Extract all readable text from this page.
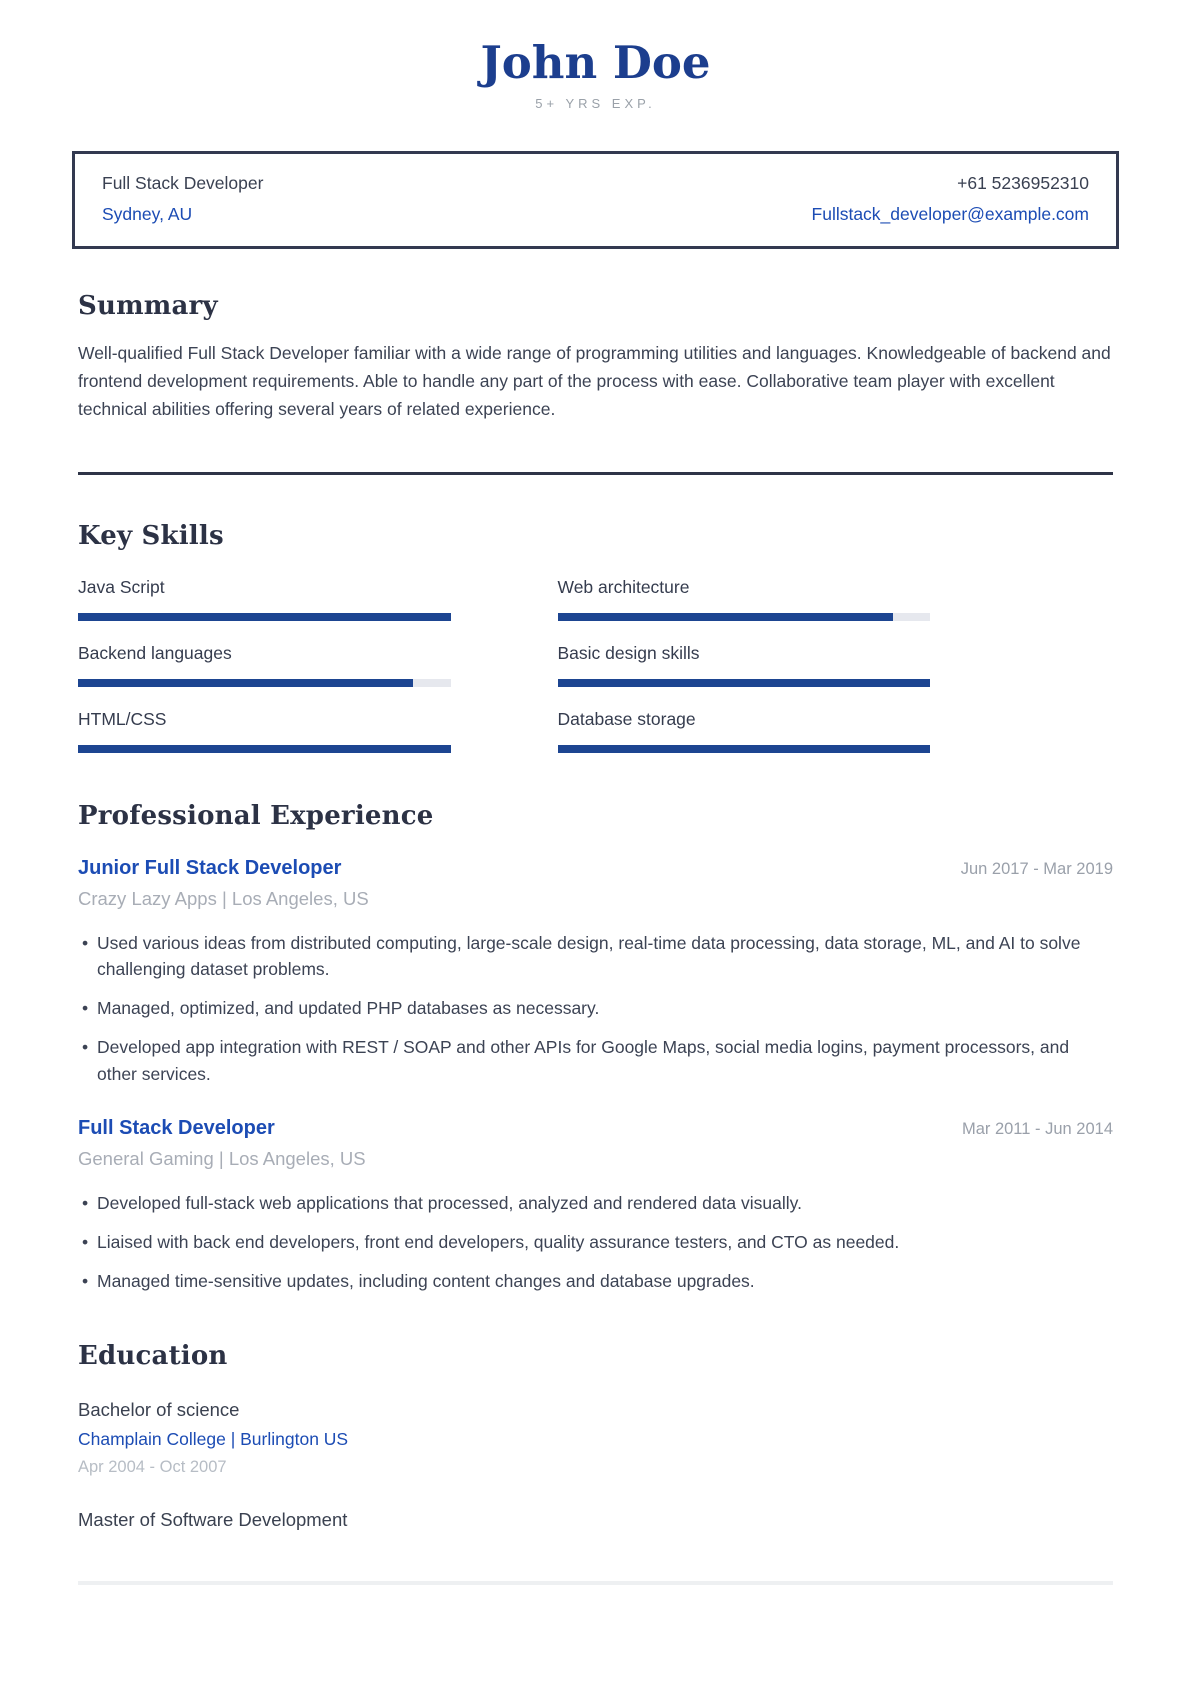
John Doe
5+ YRS EXP.
Full Stack Developer	+61 5236952310
Sydney, AU	Fullstack_developer@example.com
Summary

Well-qualified Full Stack Developer familiar with a wide range of programming utilities and languages. Knowledgeable of backend and frontend development requirements. Able to handle any part of the process with ease. Collaborative team player with excellent technical abilities offering several years of related experience.

Key Skills
Java Script	Web architecture
Backend languages	Basic design skills
HTML/CSS	Database storage
Professional Experience
Junior Full Stack Developer	Jun 2017 - Mar 2019
Crazy Lazy Apps | Los Angeles, US
• Used various ideas from distributed computing, large-scale design, real-time data processing, data storage, ML, and AI to solve challenging dataset problems.
• Managed, optimized, and updated PHP databases as necessary.
• Developed app integration with REST / SOAP and other APIs for Google Maps, social media logins, payment processors, and other services.
Full Stack Developer	Mar 2011 - Jun 2014
General Gaming | Los Angeles, US
• Developed full-stack web applications that processed, analyzed and rendered data visually.
• Liaised with back end developers, front end developers, quality assurance testers, and CTO as needed.
• Managed time-sensitive updates, including content changes and database upgrades.
Education
Bachelor of science
Champlain College | Burlington US
Apr 2004 - Oct 2007
Master of Software Development
